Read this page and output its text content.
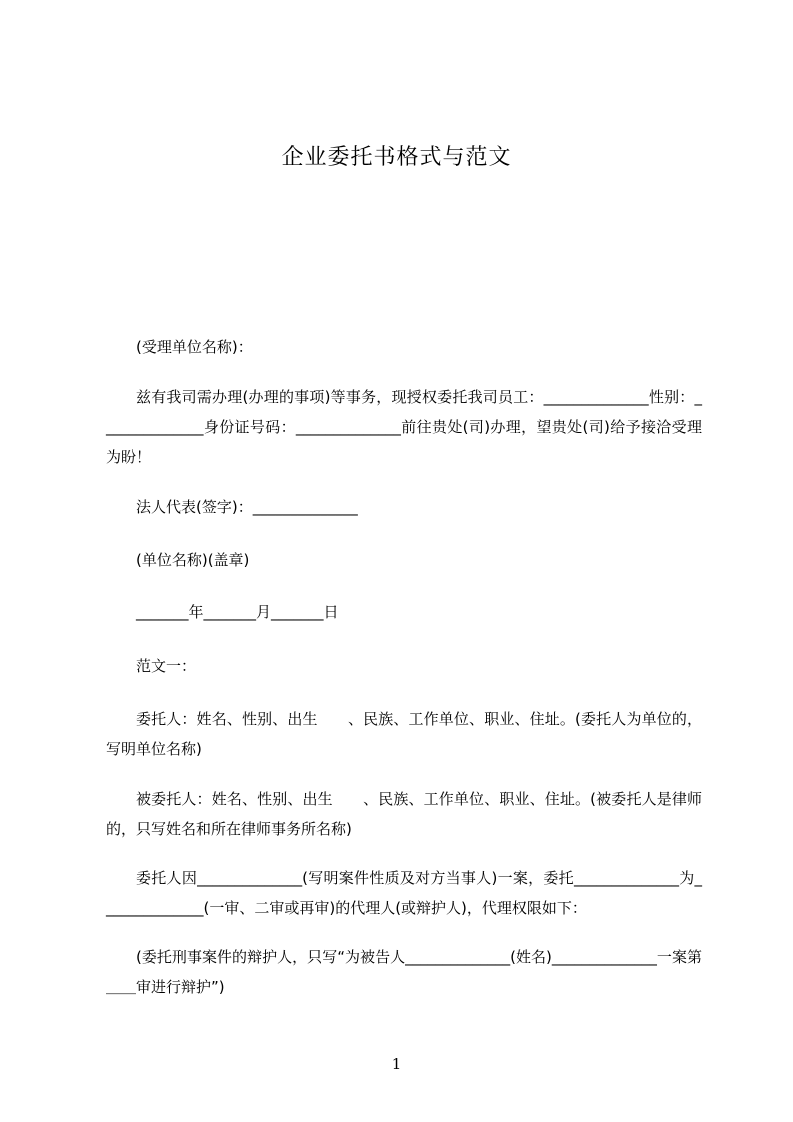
企业委托书格式与范文
(受理单位名称)：
兹有我司需办理(办理的事项)等事务，现授权委托我司员工：______________性别：______________身份证号码：______________前往贵处(司)办理，望贵处(司)给予接洽受理为盼！
法人代表(签字)：______________
(单位名称)(盖章)
_______年_______月_______日
范文一：
委托人：姓名、性别、出生　　、民族、工作单位、职业、住址。(委托人为单位的，写明单位名称)
被委托人：姓名、性别、出生　　、民族、工作单位、职业、住址。(被委托人是律师的，只写姓名和所在律师事务所名称)
委托人因______________(写明案件性质及对方当事人)一案，委托______________为______________(一审、二审或再审)的代理人(或辩护人)，代理权限如下：
(委托刑事案件的辩护人，只写“为被告人______________(姓名)______________一案第＿＿审进行辩护”)
1
